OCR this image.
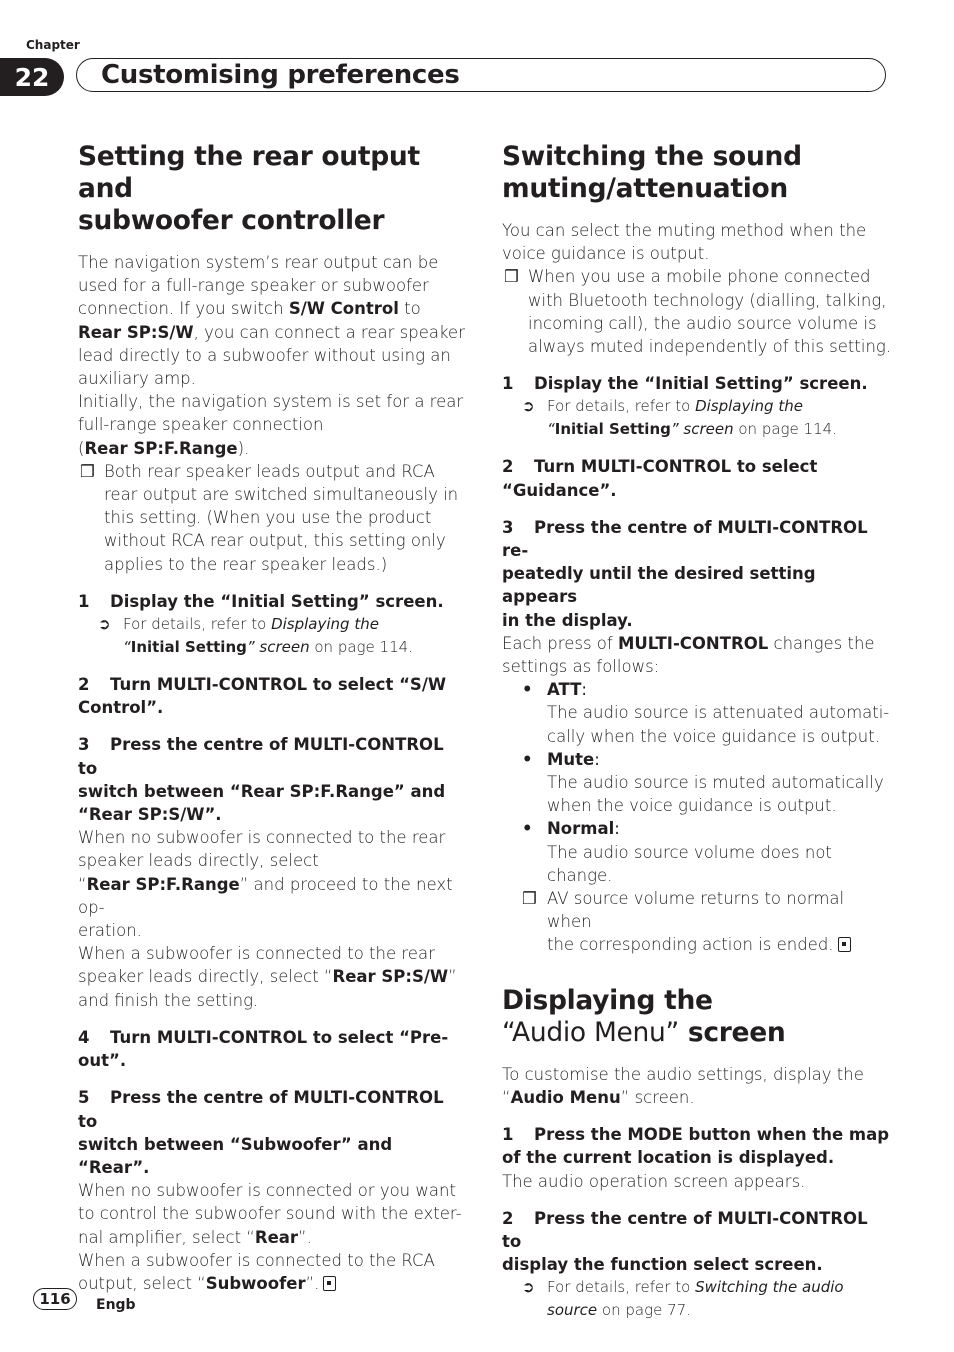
Chapter
22	Customising preferences
Setting the rear output and
subwoofer controller

The navigation system’s rear output can be
used for a full-range speaker or subwoofer
connection. If you switch S/W Control to
Rear SP:S/W, you can connect a rear speaker
lead directly to a subwoofer without using an
auxiliary amp.
Initially, the navigation system is set for a rear
full-range speaker connection
(Rear SP:F.Range).

❒ Both rear speaker leads output and RCA
rear output are switched simultaneously in
this setting. (When you use the product
without RCA rear output, this setting only
applies to the rear speaker leads.)
1 Display the “Initial Setting” screen.
➲ For details, refer to Displaying the
“Initial Setting” screen on page 114.
2 Turn MULTI-CONTROL to select “S/W
Control”.
3 Press the centre of MULTI-CONTROL to
switch between “Rear SP:F.Range” and
“Rear SP:S/W”.

When no subwoofer is connected to the rear
speaker leads directly, select
“Rear SP:F.Range” and proceed to the next op-
eration.
When a subwoofer is connected to the rear
speaker leads directly, select “Rear SP:S/W”
and finish the setting.

4 Turn MULTI-CONTROL to select “Pre-
out”.
5 Press the centre of MULTI-CONTROL to
switch between “Subwoofer” and “Rear”.

When no subwoofer is connected or you want
to control the subwoofer sound with the exter-
nal amplifier, select “Rear”.
When a subwoofer is connected to the RCA
output, select “Subwoofer”.

Switching the sound
muting/attenuation

You can select the muting method when the
voice guidance is output.

❒ When you use a mobile phone connected
with Bluetooth technology (dialling, talking,
incoming call), the audio source volume is
always muted independently of this setting.
1 Display the “Initial Setting” screen.
➲ For details, refer to Displaying the
“Initial Setting” screen on page 114.
2 Turn MULTI-CONTROL to select
“Guidance”.
3 Press the centre of MULTI-CONTROL re-
peatedly until the desired setting appears
in the display.

Each press of MULTI-CONTROL changes the
settings as follows:

• ATT:
The audio source is attenuated automati-
cally when the voice guidance is output.
• Mute:
The audio source is muted automatically
when the voice guidance is output.
• Normal:
The audio source volume does not change.
❒ AV source volume returns to normal when
the corresponding action is ended.
Displaying the
“Audio Menu” screen

To customise the audio settings, display the
“Audio Menu” screen.

1 Press the MODE button when the map
of the current location is displayed.

The audio operation screen appears.

2 Press the centre of MULTI-CONTROL to
display the function select screen.
➲ For details, refer to Switching the audio
source on page 77.
116	Engb
